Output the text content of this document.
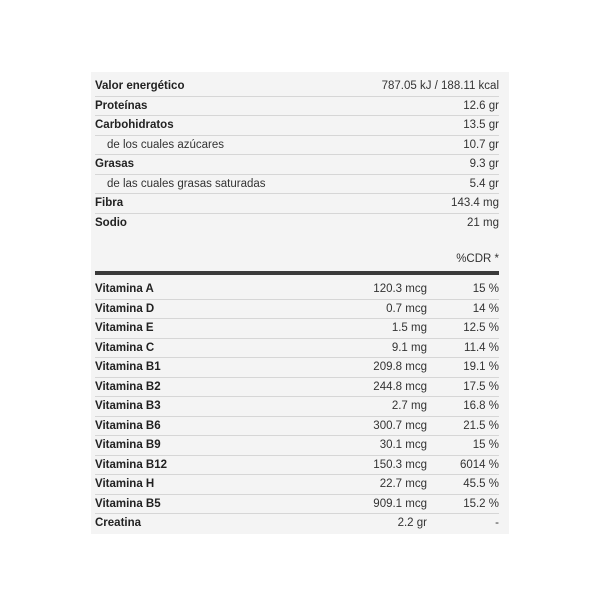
Valor energético	787.05 kJ / 188.11 kcal
Proteínas	12.6 gr
Carbohidratos	13.5 gr
de los cuales azúcares	10.7 gr
Grasas	9.3 gr
de las cuales grasas saturadas	5.4 gr
Fibra	143.4 mg
Sodio	21 mg
%CDR *
Vitamina A	120.3 mcg	15 %
Vitamina D	0.7 mcg	14 %
Vitamina E	1.5 mg	12.5 %
Vitamina C	9.1 mg	11.4 %
Vitamina B1	209.8 mcg	19.1 %
Vitamina B2	244.8 mcg	17.5 %
Vitamina B3	2.7 mg	16.8 %
Vitamina B6	300.7 mcg	21.5 %
Vitamina B9	30.1 mcg	15 %
Vitamina B12	150.3 mcg	6014 %
Vitamina H	22.7 mcg	45.5 %
Vitamina B5	909.1 mcg	15.2 %
Creatina	2.2 gr	-
